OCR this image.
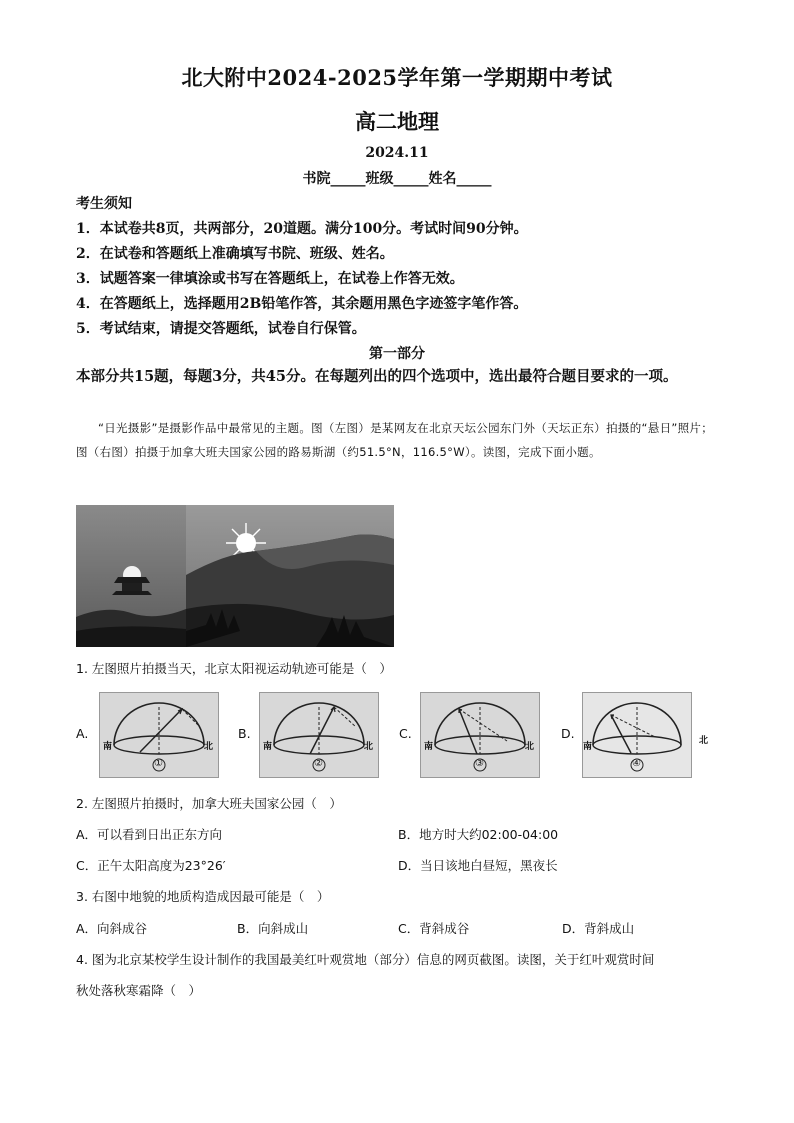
北大附中2024-2025学年第一学期期中考试
高二地理
2024.11
书院_____班级_____姓名_____
考生须知
1．本试卷共8页，共两部分，20道题。满分100分。考试时间90分钟。
2．在试卷和答题纸上准确填写书院、班级、姓名。
3．试题答案一律填涂或书写在答题纸上，在试卷上作答无效。
4．在答题纸上，选择题用2B铅笔作答，其余题用黑色字迹签字笔作答。
5．考试结束，请提交答题纸，试卷自行保管。
第一部分
本部分共15题，每题3分，共45分。在每题列出的四个选项中，选出最符合题目要求的一项。
“日光摄影”是摄影作品中最常见的主题。图（左图）是某网友在北京天坛公园东门外（天坛正东）拍摄的“悬日”照片；图（右图）拍摄于加拿大班夫国家公园的路易斯湖（约51.5°N，116.5°W）。读图，完成下面小题。
1. 左图照片拍摄当天，北京太阳视运动轨迹可能是（　）
A.
南	北
①
B.
南	北
②
C.
南	北
③
D.
南
④
北
2. 左图照片拍摄时，加拿大班夫国家公园（　）
A．可以看到日出正东方向	B．地方时大约02:00-04:00
C．正午太阳高度为23°26′	D．当日该地白昼短，黑夜长
3. 右图中地貌的地质构造成因最可能是（　）
A．向斜成谷	B．向斜成山	C．背斜成谷	D．背斜成山
4. 图为北京某校学生设计制作的我国最美红叶观赏地（部分）信息的网页截图。读图，关于红叶观赏时间
秋处落秋寒霜降（　）
